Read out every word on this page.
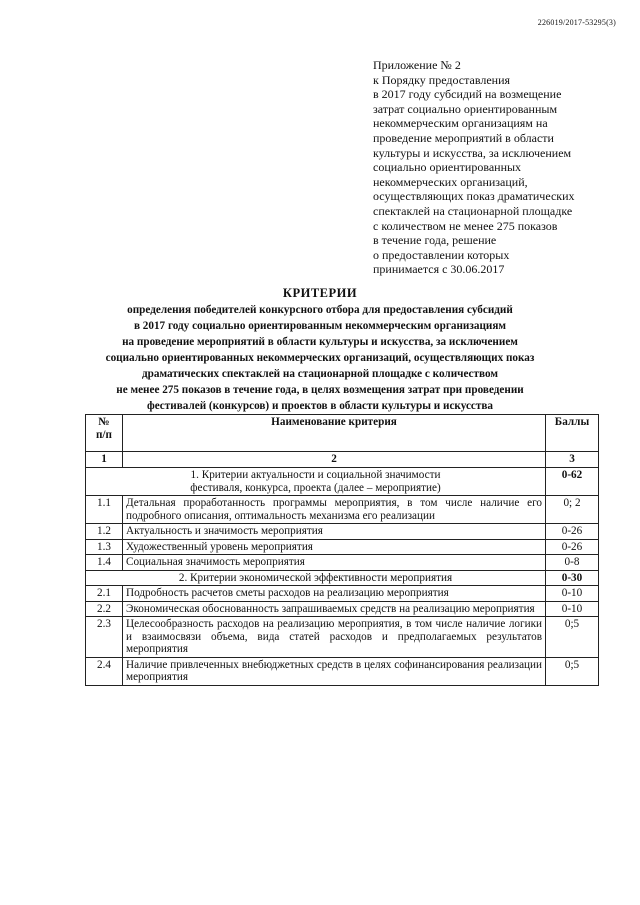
226019/2017-53295(3)
Приложение № 2
к Порядку предоставления
в 2017 году субсидий на возмещение
затрат социально ориентированным
некоммерческим организациям на
проведение мероприятий в области
культуры и искусства, за исключением
социально ориентированных
некоммерческих организаций,
осуществляющих показ драматических
спектаклей на стационарной площадке
с количеством не менее 275 показов
в течение года, решение
о предоставлении которых
принимается с 30.06.2017
КРИТЕРИИ
определения победителей конкурсного отбора для предоставления субсидий
в 2017 году социально ориентированным некоммерческим организациям
на проведение мероприятий в области культуры и искусства, за исключением
социально ориентированных некоммерческих организаций, осуществляющих показ
драматических спектаклей на стационарной площадке с количеством
не менее 275 показов в течение года, в целях возмещения затрат при проведении
фестивалей (конкурсов) и проектов в области культуры и искусства
№
п/п	Наименование критерия	Баллы
1	2	3
1. Критерии актуальности и социальной значимости
фестиваля, конкурса, проекта (далее – мероприятие)		0-62
1.1	Детальная проработанность программы мероприятия, в том числе наличие его подробного описания, оптимальность механизма его реализации	0; 2
1.2	Актуальность и значимость мероприятия	0-26
1.3	Художественный уровень мероприятия	0-26
1.4	Социальная значимость мероприятия	0-8
2. Критерии экономической эффективности мероприятия		0-30
2.1	Подробность расчетов сметы расходов на реализацию мероприятия	0-10
2.2	Экономическая обоснованность запрашиваемых средств на реализацию мероприятия	0-10
2.3	Целесообразность расходов на реализацию мероприятия, в том числе наличие логики и взаимосвязи объема, вида статей расходов и предполагаемых результатов мероприятия	0;5
2.4	Наличие привлеченных внебюджетных средств в целях софинансирования реализации мероприятия	0;5
